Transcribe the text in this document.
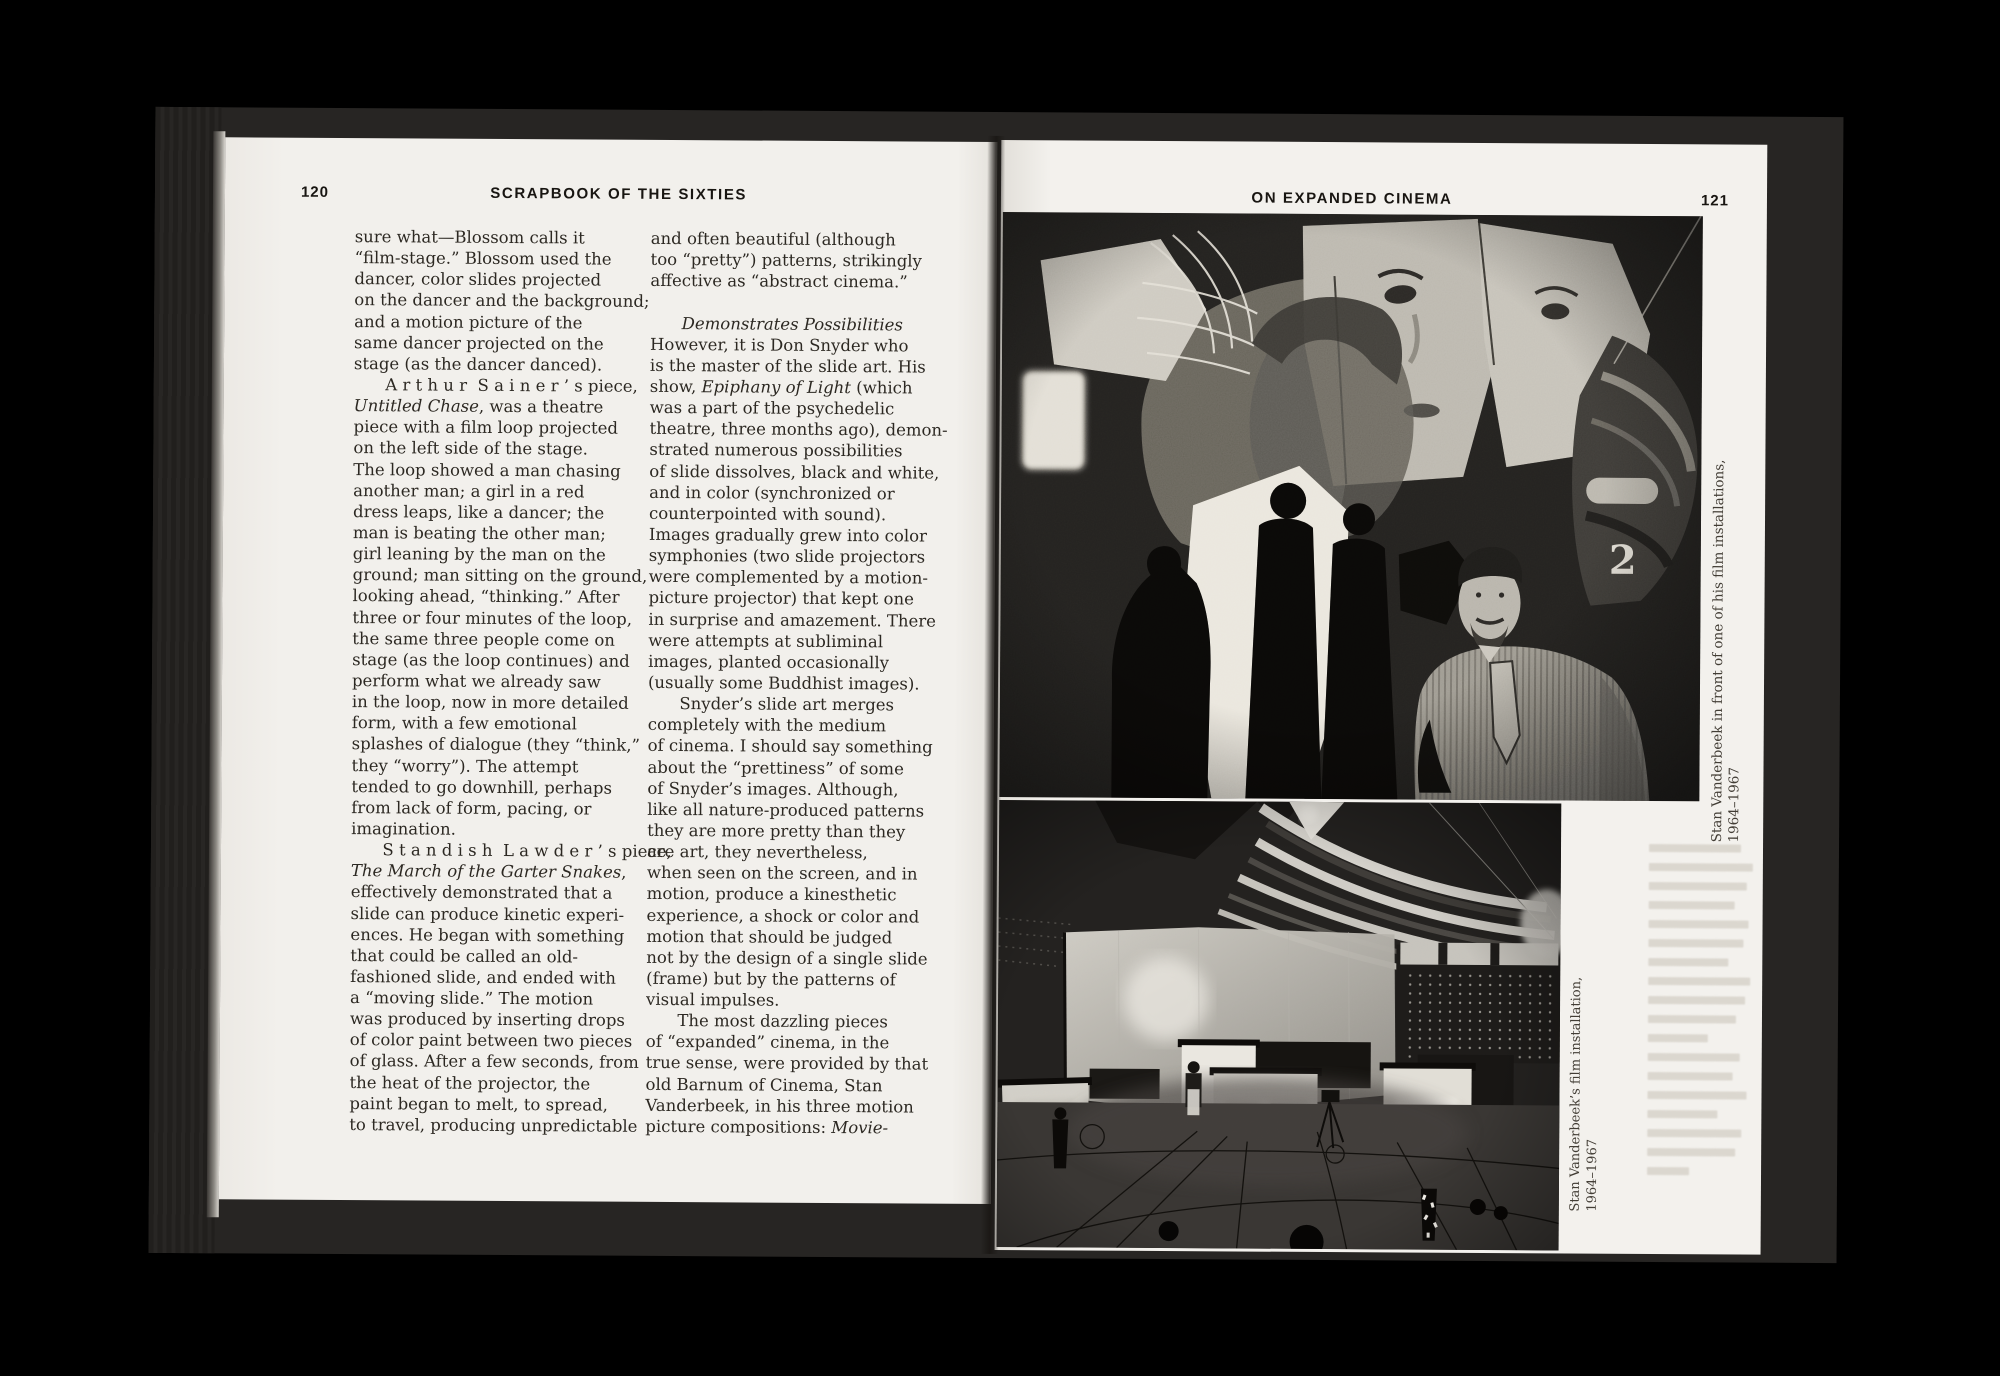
120	SCRAPBOOK OF THE SIXTIES
sure what—Blossom calls it
“film-stage.” Blossom used the
dancer, color slides projected
on the dancer and the background;
and a motion picture of the
same dancer projected on the
stage (as the dancer danced).
A r t h u r  S a i n e r ’ s piece,
Untitled Chase, was a theatre
piece with a film loop projected
on the left side of the stage.
The loop showed a man chasing
another man; a girl in a red
dress leaps, like a dancer; the
man is beating the other man;
girl leaning by the man on the
ground; man sitting on the ground,
looking ahead, “thinking.” After
three or four minutes of the loop,
the same three people come on
stage (as the loop continues) and
perform what we already saw
in the loop, now in more detailed
form, with a few emotional
splashes of dialogue (they “think,”
they “worry”). The attempt
tended to go downhill, perhaps
from lack of form, pacing, or
imagination.
S t a n d i s h  L a w d e r ’ s piece,
The March of the Garter Snakes,
effectively demonstrated that a
slide can produce kinetic experi-
ences. He began with something
that could be called an old-
fashioned slide, and ended with
a “moving slide.” The motion
was produced by inserting drops
of color paint between two pieces
of glass. After a few seconds, from
the heat of the projector, the
paint began to melt, to spread,
to travel, producing unpredictable
and often beautiful (although
too “pretty”) patterns, strikingly
affective as “abstract cinema.”
Demonstrates Possibilities
However, it is Don Snyder who
is the master of the slide art. His
show, Epiphany of Light (which
was a part of the psychedelic
theatre, three months ago), demon-
strated numerous possibilities
of slide dissolves, black and white,
and in color (synchronized or
counterpointed with sound).
Images gradually grew into color
symphonies (two slide projectors
were complemented by a motion-
picture projector) that kept one
in surprise and amazement. There
were attempts at subliminal
images, planted occasionally
(usually some Buddhist images).
Snyder’s slide art merges
completely with the medium
of cinema. I should say something
about the “prettiness” of some
of Snyder’s images. Although,
like all nature-produced patterns
they are more pretty than they
are art, they nevertheless,
when seen on the screen, and in
motion, produce a kinesthetic
experience, a shock or color and
motion that should be judged
not by the design of a single slide
(frame) but by the patterns of
visual impulses.
The most dazzling pieces
of “expanded” cinema, in the
true sense, were provided by that
old Barnum of Cinema, Stan
Vanderbeek, in his three motion
picture compositions: Movie-
ON EXPANDED CINEMA	121
Stan Vanderbeek in front of one of his film installations,
1964–1967
Stan Vanderbeek’s film installation, 1964–1967
